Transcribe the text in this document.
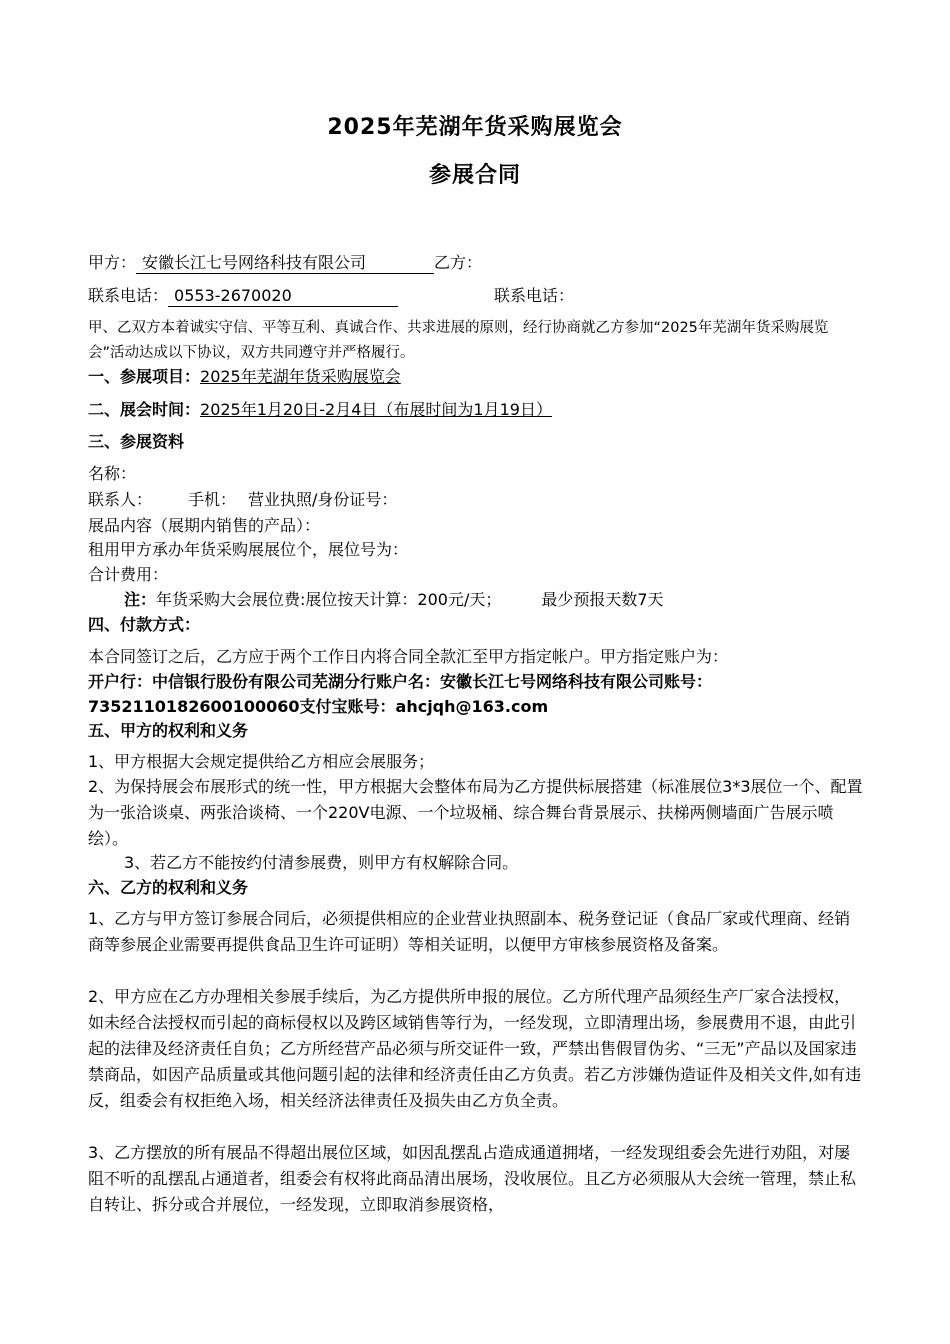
2025年芜湖年货采购展览会
参展合同
甲方： 安徽长江七号网络科技有限公司	乙方：
联系电话： 0553-2670020	联系电话：
甲、乙双方本着诚实守信、平等互利、真诚合作、共求进展的原则，经行协商就乙方参加“2025年芜湖年货采购展览会”活动达成以下协议，双方共同遵守并严格履行。
一、参展项目：2025年芜湖年货采购展览会
二、展会时间：2025年1月20日-2月4日（布展时间为1月19日）
三、参展资料
名称：
联系人： 手机： 营业执照/身份证号：
展品内容（展期内销售的产品）：
租用甲方承办年货采购展展位个，展位号为：
合计费用：
注：年货采购大会展位费:展位按天计算：200元/天；	最少预报天数7天
四、付款方式：
本合同签订之后，乙方应于两个工作日内将合同全款汇至甲方指定帐户。甲方指定账户为：
开户行：中信银行股份有限公司芜湖分行账户名：安徽长江七号网络科技有限公司账号：
7352110182600100060支付宝账号：ahcjqh@163.com
五、甲方的权利和义务
1、甲方根据大会规定提供给乙方相应会展服务；
2、为保持展会布展形式的统一性，甲方根据大会整体布局为乙方提供标展搭建（标准展位3*3展位一个、配置为一张洽谈桌、两张洽谈椅、一个220V电源、一个垃圾桶、综合舞台背景展示、扶梯两侧墙面广告展示喷绘）。
3、若乙方不能按约付清参展费，则甲方有权解除合同。
六、乙方的权利和义务
1、乙方与甲方签订参展合同后，必须提供相应的企业营业执照副本、税务登记证（食品厂家或代理商、经销商等参展企业需要再提供食品卫生许可证明）等相关证明，以便甲方审核参展资格及备案。
2、甲方应在乙方办理相关参展手续后，为乙方提供所申报的展位。乙方所代理产品须经生产厂家合法授权，如未经合法授权而引起的商标侵权以及跨区域销售等行为，一经发现，立即清理出场，参展费用不退，由此引起的法律及经济责任自负；乙方所经营产品必须与所交证件一致，严禁出售假冒伪劣、“三无”产品以及国家违禁商品，如因产品质量或其他问题引起的法律和经济责任由乙方负责。若乙方涉嫌伪造证件及相关文件,如有违反，组委会有权拒绝入场，相关经济法律责任及损失由乙方负全责。
3、乙方摆放的所有展品不得超出展位区域，如因乱摆乱占造成通道拥堵，一经发现组委会先进行劝阻，对屡阻不听的乱摆乱占通道者，组委会有权将此商品清出展场，没收展位。且乙方必须服从大会统一管理，禁止私自转让、拆分或合并展位，一经发现，立即取消参展资格，
